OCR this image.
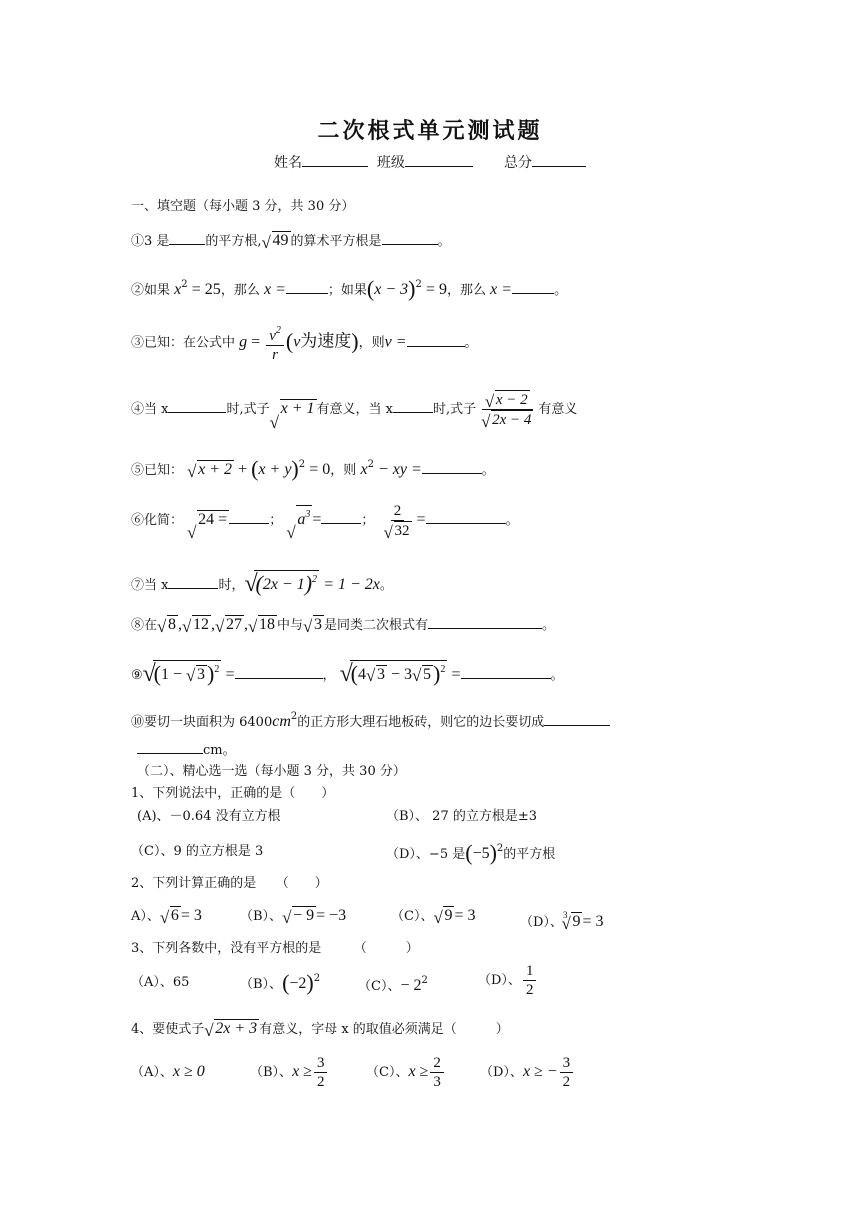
二次根式单元测试题
姓名	班级	总分
一、填空题（每小题 3 分，共 30 分）
①3 是	的平方根, √ 49 的算术平方根是	。
②如果 $x^2 = 25$，那么 x =	；如果$(x - 3)^2 = 9$，那么 x =	。
③已知：在公式中 $g = \frac{v^2}{r} (v$为速度)，则v =	。
④当 x	时,式子 √ x + 1 有意义，当 x	时,式子 √ x − 2
√ 2x − 4 有意义
⑤已知： √ $x + 2 + (x + y)^2 = 0$，则 $x^2$ − xy =	。
⑥化简： √ 24 =	； √ $a^3$ =	； 2
√ 32 =	。
⑦当 x	时， √ $(2x - 1)^2 = 1 - 2x$。
⑧在 √ 8 , √ 12 , √ 27 , √ 18 中与 √ 3 是同类二次根式有	。
⑨ √ (1 − √ 3)$^2$ =	， √ (4 √ 3 − 3 √ 5)$^2$ =	。
⑩要切一块面积为 $6400cm^2$的正方形大理石地板砖，则它的边长要切成
cm。
（二）、精心选一选（每小题 3 分，共 30 分）
1、下列说法中，正确的是（　　）
(A)、－0.64 没有立方根	（B）、 27 的立方根是±3
（C）、9 的立方根是 3	（D）、−5 是$(-5)^2$的平方根
2、下列计算正确的是　　（　　）
A）、 √ 6 = 3	（B）、 √ − 9 = −3	（C）、 √ 9 = 3	（D）、$^3$ √ 9 = 3
3、下列各数中，没有平方根的是　　　（　　　）
（A）、65	（B）、$(-2)^2$
（C）、− $2^2$	（D）、 $\frac{1}{2}$
4、要使式子 √ 2x + 3 有意义，字母 x 的取值必须满足（　　　）
（A）、x ≥ 0	（B）、$x \ge \frac{3}{2}$	（C）、$x \ge \frac{2}{3}$	（D）、x ≥ − $\frac{3}{2}$
